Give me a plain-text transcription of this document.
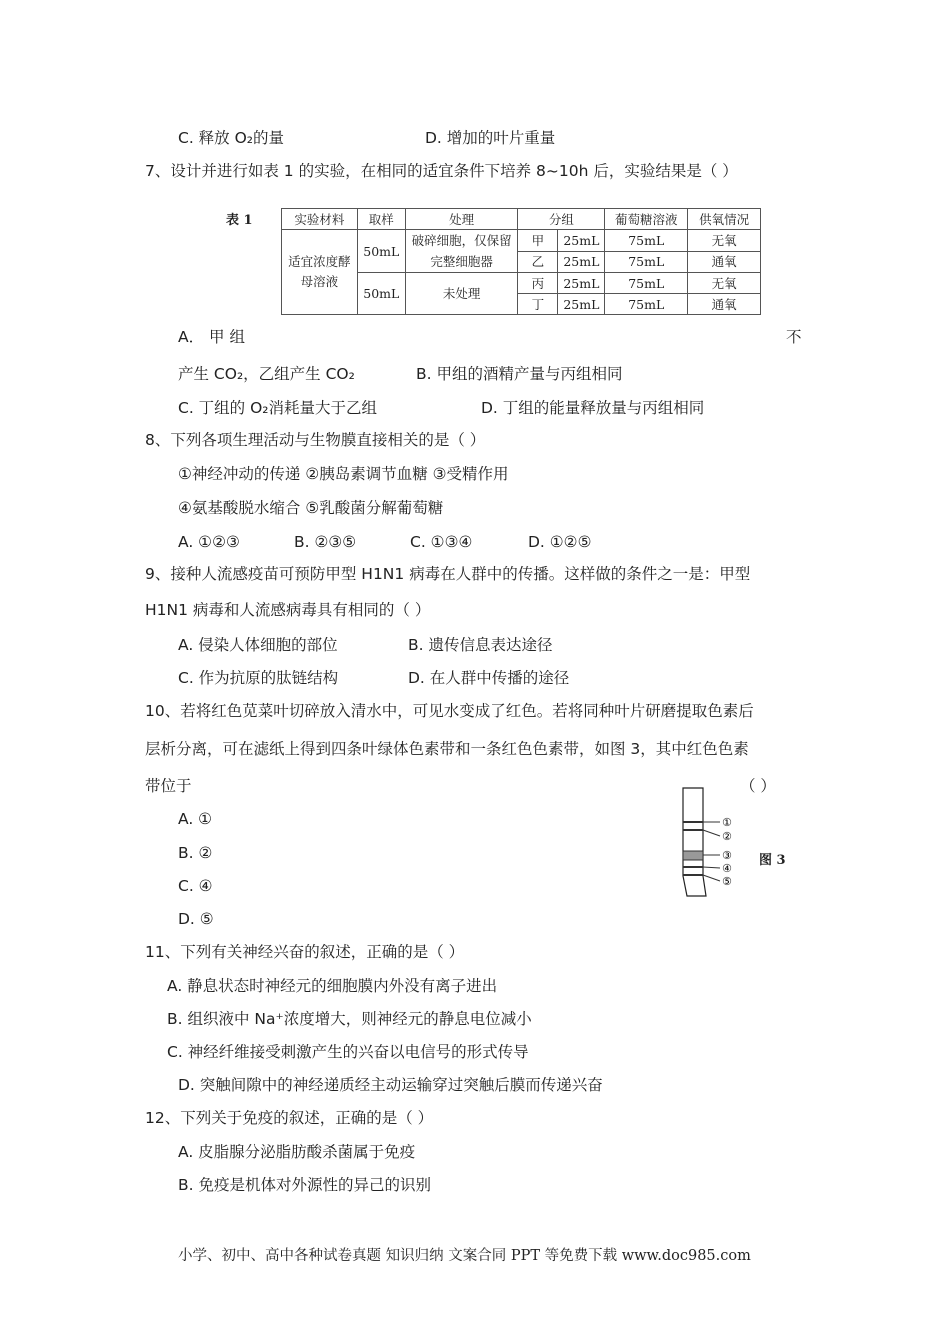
C. 释放 O₂的量	D. 增加的叶片重量
7、设计并进行如表 1 的实验，在相同的适宜条件下培养 8~10h 后，实验结果是（ ）
表 1	实验材料	取样	处理	分组		葡萄糖溶液	供氧情况
适宜浓度酵母溶液	50mL	破碎细胞，仅保留完整细胞器	甲	25mL	75mL	无氧
			乙	25mL	75mL	通氧
	50mL	未处理	丙	25mL	75mL	无氧
			丁	25mL	75mL	通氧
A． 甲 组	不
产生 CO₂，乙组产生 CO₂	B. 甲组的酒精产量与丙组相同
C. 丁组的 O₂消耗量大于乙组	D. 丁组的能量释放量与丙组相同
8、下列各项生理活动与生物膜直接相关的是（ ）
①神经冲动的传递 ②胰岛素调节血糖 ③受精作用
④氨基酸脱水缩合 ⑤乳酸菌分解葡萄糖
A. ①②③	B. ②③⑤	C. ①③④	D. ①②⑤
9、接种人流感疫苗可预防甲型 H1N1 病毒在人群中的传播。这样做的条件之一是：甲型
H1N1 病毒和人流感病毒具有相同的（ ）
A. 侵染人体细胞的部位	B. 遗传信息表达途径
C. 作为抗原的肽链结构	D. 在人群中传播的途径
10、若将红色苋菜叶切碎放入清水中，可见水变成了红色。若将同种叶片研磨提取色素后
层析分离，可在滤纸上得到四条叶绿体色素带和一条红色色素带，如图 3，其中红色色素
带位于	（ ）
A. ①
B. ②
C. ④
D. ⑤
①
②
③
④
⑤
图 3
11、下列有关神经兴奋的叙述，正确的是（ ）
A. 静息状态时神经元的细胞膜内外没有离子进出
B. 组织液中 Na⁺浓度增大，则神经元的静息电位减小
C. 神经纤维接受刺激产生的兴奋以电信号的形式传导
D. 突触间隙中的神经递质经主动运输穿过突触后膜而传递兴奋
12、下列关于免疫的叙述，正确的是（ ）
A. 皮脂腺分泌脂肪酸杀菌属于免疫
B. 免疫是机体对外源性的异己的识别
小学、初中、高中各种试卷真题 知识归纳 文案合同 PPT 等免费下载 www.doc985.com
